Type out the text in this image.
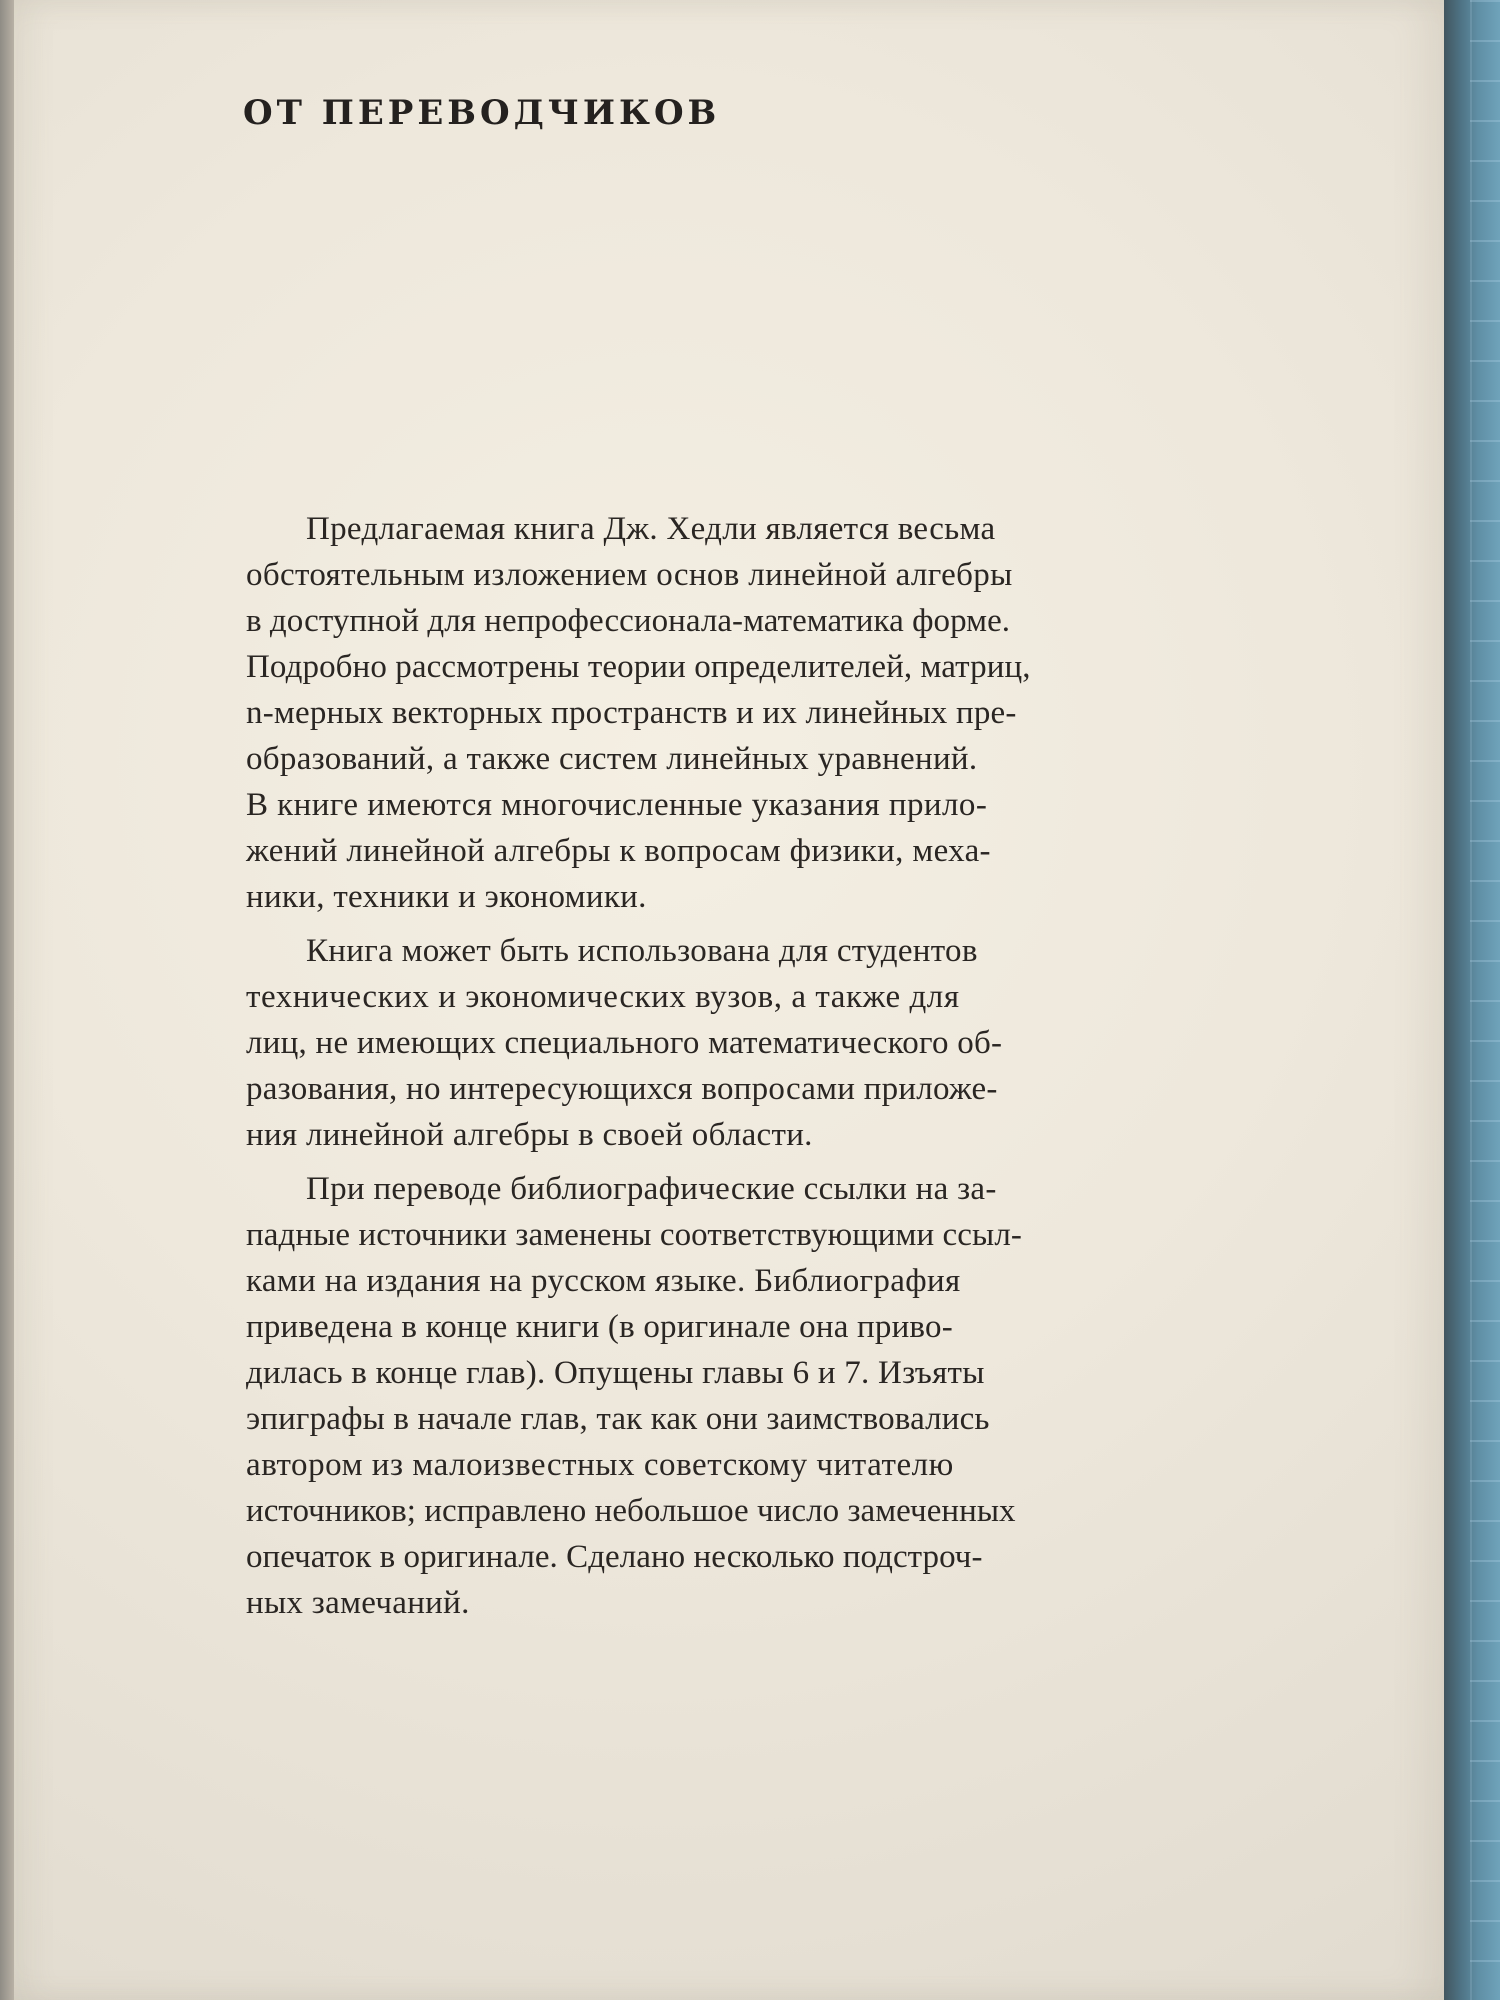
ОТ ПЕРЕВОДЧИКОВ

Предлагаемая книга Дж. Хедли является весьма
обстоятельным изложением основ линейной алгебры
в доступной для непрофессионала-математика форме.
Подробно рассмотрены теории определителей, матриц,
n-мерных векторных пространств и их линейных пре-
образований, а также систем линейных уравнений.
В книге имеются многочисленные указания прило-
жений линейной алгебры к вопросам физики, меха-
ники, техники и экономики.

Книга может быть использована для студентов
технических и экономических вузов, а также для
лиц, не имеющих специального математического об-
разования, но интересующихся вопросами приложе-
ния линейной алгебры в своей области.

При переводе библиографические ссылки на за-
падные источники заменены соответствующими ссыл-
ками на издания на русском языке. Библиография
приведена в конце книги (в оригинале она приво-
дилась в конце глав). Опущены главы 6 и 7. Изъяты
эпиграфы в начале глав, так как они заимствовались
автором из малоизвестных советскому читателю
источников; исправлено небольшое число замеченных
опечаток в оригинале. Сделано несколько подстроч-
ных замечаний.
